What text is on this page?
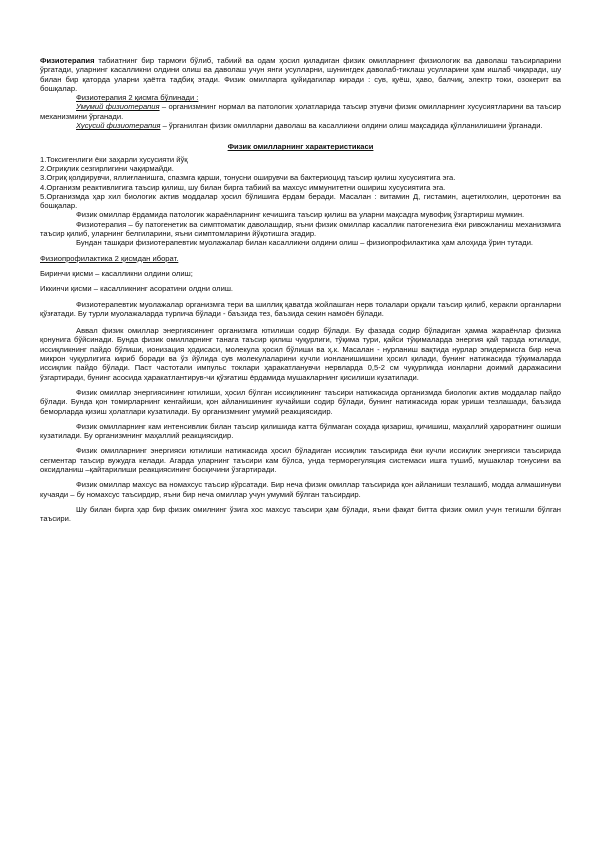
Физиотерапия табиатнинг бир тармоғи бўлиб, табиий ва одам ҳосил қиладиган физик омилларнинг физиологик ва даволаш таъсирларини ўргатади, уларнинг касалликни олдини олиш ва даволаш учун янги усулларни, шунингдек даволаб-тиклаш усулларини ҳам ишлаб чиқаради, шу билан бир қаторда уларни ҳаётга тадбиқ этади. Физик омилларга қуйидагилар киради : сув, қуёш, ҳаво, балчиқ, электр токи, озокерит ва бошқалар.

Физиотерапия 2 қисмга бўлинади :

Умумий физиотерапия – организмнинг нормал ва патологик ҳолатларида таъсир этувчи физик омилларнинг хусусиятларини ва таъсир механизмини ўрганади.

Хусусий физиотерапия – ўрганилган физик омилларни даволаш ва касалликни олдини олиш мақсадида қўлланилишини ўрганади.

Физик омилларнинг характеристикаси

1.Токсигенлиги ёки заҳарли хусусияти йўқ

2.Огриқлик сезгирлигини чақирмайди.

3.Огриқ қолдирувчи, яллиғланишга, спазмга қарши, тонусни оширувчи ва бактериоцид таъсир қилиш хусусиятига эга.

4.Организм реактивлигига таъсир қилиш, шу билан бирга табиий ва махсус иммунитетни ошириш хусусиятига эга.

5.Организмда ҳар хил биологик актив моддалар ҳосил бўлишига ёрдам беради. Масалан : витамин Д, гистамин, ацетилхолин, церотонин ва бошқалар.

Физик омиллар ёрдамида патологик жараёнларнинг кечишига таъсир қилиш ва уларни мақсадга мувофиқ ўзгартириш мумкин.

Физиотерапия – бу патогенетик ва симптоматик даволашдир, яъни физик омиллар касаллик патогенезига ёки ривожланиш механизмига таъсир қилиб, уларнинг белгиларини, яъни симптомларини йўқотишга эгадир.

Бундан ташқари физиотерапевтик муолажалар билан касалликни олдини олиш – физиопрофилактика ҳам алоҳида ўрин тутади.

Физиопрофилактика 2 қисмдан иборат.

Биринчи қисми – касалликни олдини олиш;

Иккинчи қисми – касалликнинг асоратини олдни олиш.

Физиотерапевтик муолажалар организмга тери ва шиллиқ қаватда жойлашган нерв толалари орқали таъсир қилиб, керакли органларни қўзғатади. Бу турли муолажаларда турлича бўлади - баъзида тез, баъзида секин намоён бўлади.

Аввал физик омиллар энергиясининг организмга ютилиши содир бўлади. Бу фазада содир бўладиган ҳамма жараёнлар физика қонунига бўйсинади. Бунда физик омилларнинг танага таъсир қилиш чуқурлиги, тўқима тури, қайси тўқималарда энергия қай тарзда ютилади, иссиқликнинг пайдо бўлиши, ионизация ҳодисаси, молекула ҳосил бўлиши ва ҳ.к. Масалан - нурланиш вақтида нурлар эпидермисга бир неча микрон чуқурлигига кириб боради ва ўз йўлида сув молекулаларини кучли ионланишишини ҳосил қилади, бунинг натижасида тўқималарда иссиқлик пайдо бўлади. Паст частотали импульс токлари ҳаракатланувчи нервларда 0,5-2 см чуқурликда ионларни доимий даражасини ўзгартиради, бунинг асосида ҳаракатлантирув-чи қўзғатиш ёрдамида мушакларнинг қисилиши кузатилади.

Физик омиллар энергиясининг ютилиши, ҳосил бўлган иссиқликнинг таъсири натижасида организмда биологик актив моддалар пайдо бўлади. Бунда қон томирларнинг кенгайиши, қон айланишининг кучайиши содир бўлади, бунинг натижасида юрак уриши тезлашади, баъзида беморларда қизиш ҳолатлари кузатилади. Бу организмнинг умумий реакциясидир.

Физик омилларнинг кам интенсивлик билан таъсир қилишида катта бўлмаган соҳада қизариш, қичишиш, маҳаллий ҳароратнинг ошиши кузатилади. Бу организмнинг маҳаллий реакциясидир.

Физик омилларнинг энергияси ютилиши натижасида ҳосил бўладиган иссиқлик таъсирида ёки кучли иссиқлик энергияси таъсирида сегментар таъсир вужудга келади. Агарда уларнинг таъсири кам бўлса, унда терморегуляция системаси ишга тушиб, мушаклар тонусини ва оксидланиш –қайтарилиши реакциясининг босқичини ўзгартиради.

Физик омиллар махсус ва номахсус таъсир кўрсатади. Бир неча физик омиллар таъсирида қон айланиши тезлашиб, модда алмашинуви кучаяди – бу номахсус таъсирдир, яъни бир неча омиллар учун умумий бўлган таъсирдир.

Шу билан бирга ҳар бир физик омилнинг ўзига хос махсус таъсири ҳам бўлади, яъни фақат битта физик омил учун тегишли бўлган таъсири.
